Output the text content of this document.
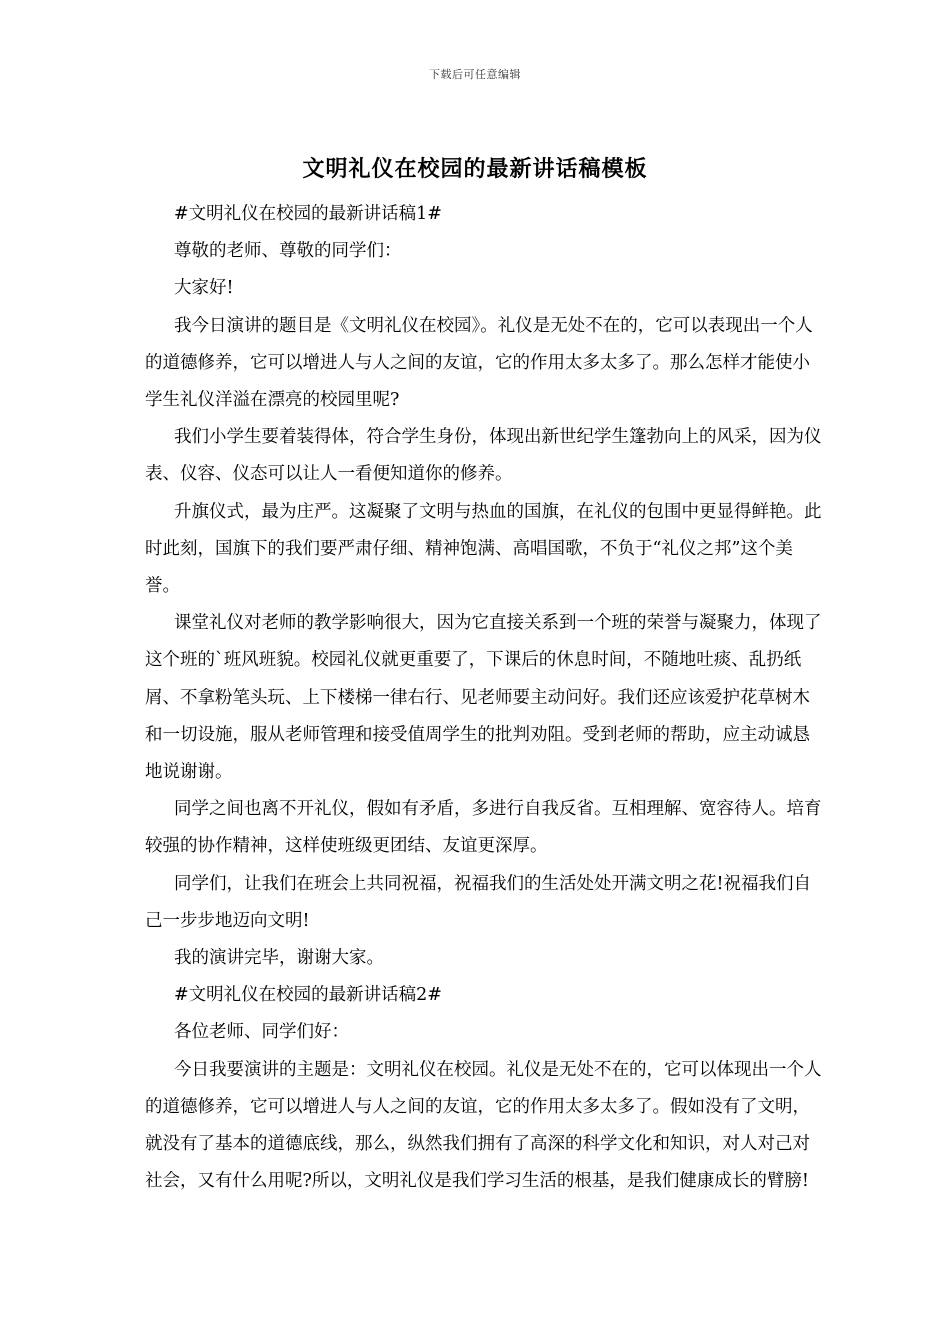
下载后可任意编辑
文明礼仪在校园的最新讲话稿模板

#文明礼仪在校园的最新讲话稿1#

尊敬的老师、尊敬的同学们：

大家好!

我今日演讲的题目是《文明礼仪在校园》。礼仪是无处不在的，它可以表现出一个人的道德修养，它可以增进人与人之间的友谊，它的作用太多太多了。那么怎样才能使小学生礼仪洋溢在漂亮的校园里呢?

我们小学生要着装得体，符合学生身份，体现出新世纪学生篷勃向上的风采，因为仪表、仪容、仪态可以让人一看便知道你的修养。

升旗仪式，最为庄严。这凝聚了文明与热血的国旗，在礼仪的包围中更显得鲜艳。此时此刻，国旗下的我们要严肃仔细、精神饱满、高唱国歌，不负于“礼仪之邦”这个美誉。

课堂礼仪对老师的教学影响很大，因为它直接关系到一个班的荣誉与凝聚力，体现了这个班的`班风班貌。校园礼仪就更重要了，下课后的休息时间，不随地吐痰、乱扔纸屑、不拿粉笔头玩、上下楼梯一律右行、见老师要主动问好。我们还应该爱护花草树木和一切设施，服从老师管理和接受值周学生的批判劝阻。受到老师的帮助，应主动诚恳地说谢谢。

同学之间也离不开礼仪，假如有矛盾，多进行自我反省。互相理解、宽容待人。培育较强的协作精神，这样使班级更团结、友谊更深厚。

同学们，让我们在班会上共同祝福，祝福我们的生活处处开满文明之花!祝福我们自己一步步地迈向文明!

我的演讲完毕，谢谢大家。

#文明礼仪在校园的最新讲话稿2#

各位老师、同学们好：

今日我要演讲的主题是：文明礼仪在校园。礼仪是无处不在的，它可以体现出一个人的道德修养，它可以增进人与人之间的友谊，它的作用太多太多了。假如没有了文明，就没有了基本的道德底线，那么，纵然我们拥有了高深的科学文化和知识，对人对己对社会，又有什么用呢?所以，文明礼仪是我们学习生活的根基，是我们健康成长的臂膀!
